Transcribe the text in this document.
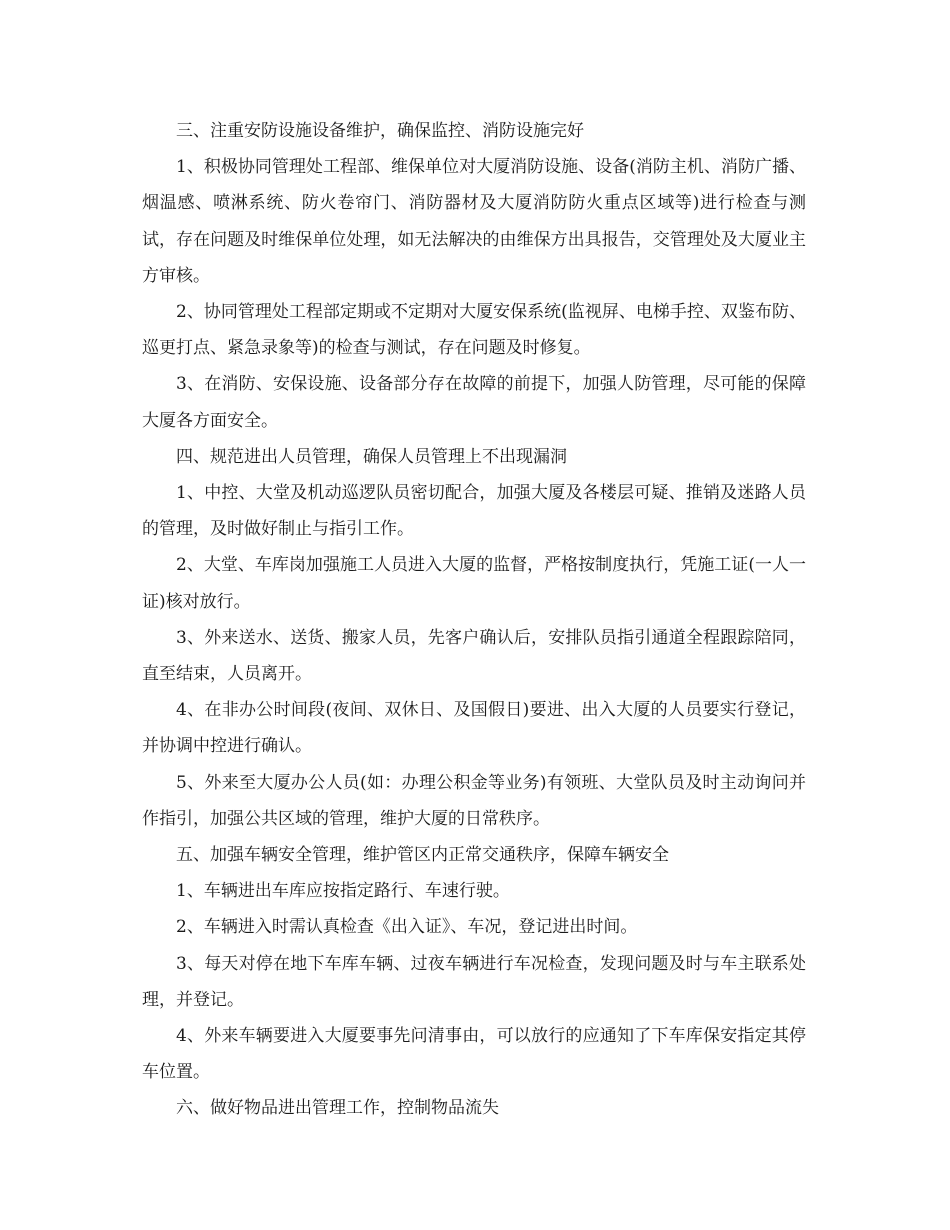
三、注重安防设施设备维护，确保监控、消防设施完好

1、积极协同管理处工程部、维保单位对大厦消防设施、设备(消防主机、消防广播、烟温感、喷淋系统、防火卷帘门、消防器材及大厦消防防火重点区域等)进行检查与测试，存在问题及时维保单位处理，如无法解决的由维保方出具报告，交管理处及大厦业主方审核。

2、协同管理处工程部定期或不定期对大厦安保系统(监视屏、电梯手控、双鉴布防、巡更打点、紧急录象等)的检查与测试，存在问题及时修复。

3、在消防、安保设施、设备部分存在故障的前提下，加强人防管理，尽可能的保障大厦各方面安全。

四、规范进出人员管理，确保人员管理上不出现漏洞

1、中控、大堂及机动巡逻队员密切配合，加强大厦及各楼层可疑、推销及迷路人员的管理，及时做好制止与指引工作。

2、大堂、车库岗加强施工人员进入大厦的监督，严格按制度执行，凭施工证(一人一证)核对放行。

3、外来送水、送货、搬家人员，先客户确认后，安排队员指引通道全程跟踪陪同，直至结束，人员离开。

4、在非办公时间段(夜间、双休日、及国假日)要进、出入大厦的人员要实行登记，并协调中控进行确认。

5、外来至大厦办公人员(如：办理公积金等业务)有领班、大堂队员及时主动询问并作指引，加强公共区域的管理，维护大厦的日常秩序。

五、加强车辆安全管理，维护管区内正常交通秩序，保障车辆安全

1、车辆进出车库应按指定路行、车速行驶。

2、车辆进入时需认真检查《出入证》、车况，登记进出时间。

3、每天对停在地下车库车辆、过夜车辆进行车况检查，发现问题及时与车主联系处理，并登记。

4、外来车辆要进入大厦要事先问清事由，可以放行的应通知了下车库保安指定其停车位置。

六、做好物品进出管理工作，控制物品流失
